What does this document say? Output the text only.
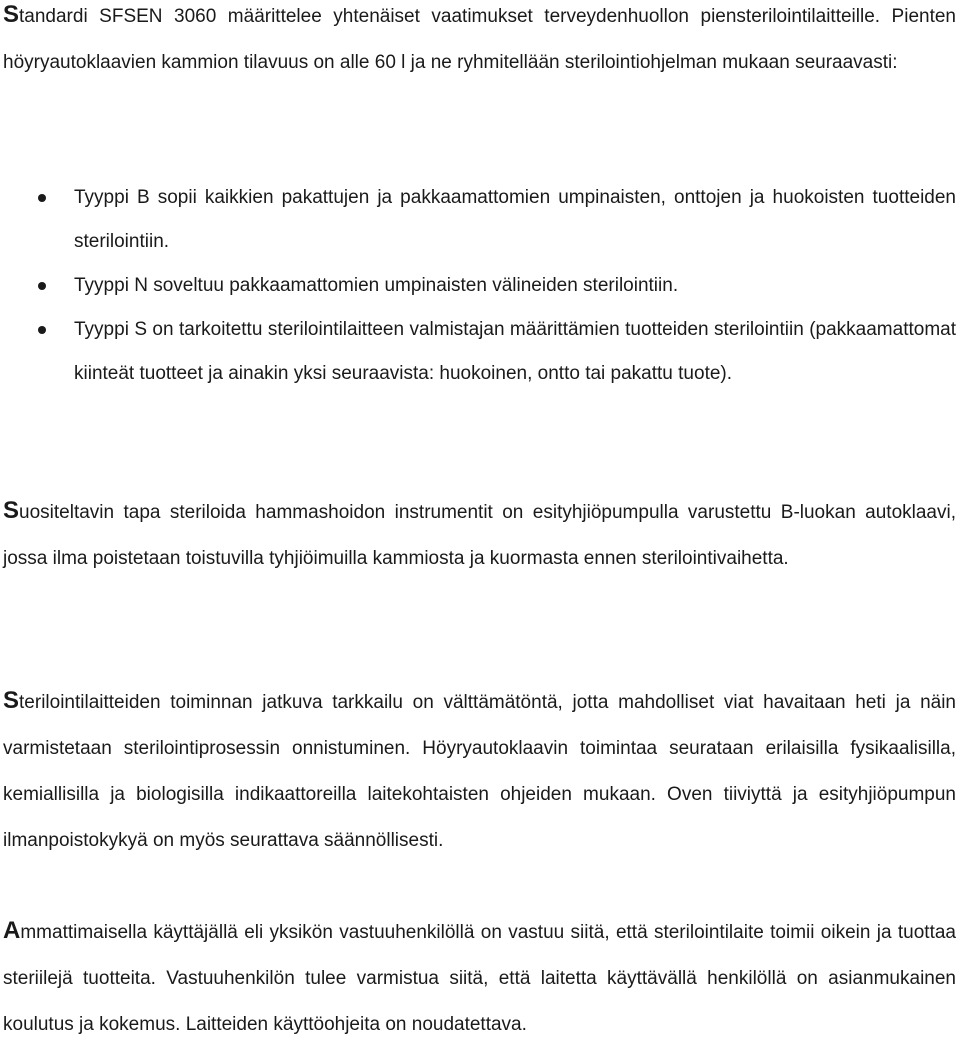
Standardi SFSEN 3060 määrittelee yhtenäiset vaatimukset terveydenhuollon piensterilointilaitteille. Pienten höyryautoklaavien kammion tilavuus on alle 60 l ja ne ryhmitellään sterilointiohjelman mukaan seuraavasti:

Tyyppi B sopii kaikkien pakattujen ja pakkaamattomien umpinaisten, onttojen ja huokoisten tuotteiden sterilointiin.
Tyyppi N soveltuu pakkaamattomien umpinaisten välineiden sterilointiin.
Tyyppi S on tarkoitettu sterilointilaitteen valmistajan määrittämien tuotteiden sterilointiin (pakkaamattomat kiinteät tuotteet ja ainakin yksi seuraavista: huokoinen, ontto tai pakattu tuote).

Suositeltavin tapa steriloida hammashoidon instrumentit on esityhjiöpumpulla varustettu B-luokan autoklaavi, jossa ilma poistetaan toistuvilla tyhjiöimuilla kammiosta ja kuormasta ennen sterilointivaihetta.

Sterilointilaitteiden toiminnan jatkuva tarkkailu on välttämätöntä, jotta mahdolliset viat havaitaan heti ja näin varmistetaan sterilointiprosessin onnistuminen. Höyryautoklaavin toimintaa seurataan erilaisilla fysikaalisilla, kemiallisilla ja biologisilla indikaattoreilla laitekohtaisten ohjeiden mukaan. Oven tiiviyttä ja esityhjiöpumpun ilmanpoistokykyä on myös seurattava säännöllisesti.

Ammattimaisella käyttäjällä eli yksikön vastuuhenkilöllä on vastuu siitä, että sterilointilaite toimii oikein ja tuottaa steriilejä tuotteita. Vastuuhenkilön tulee varmistua siitä, että laitetta käyttävällä henkilöllä on asianmukainen koulutus ja kokemus. Laitteiden käyttöohjeita on noudatettava.
